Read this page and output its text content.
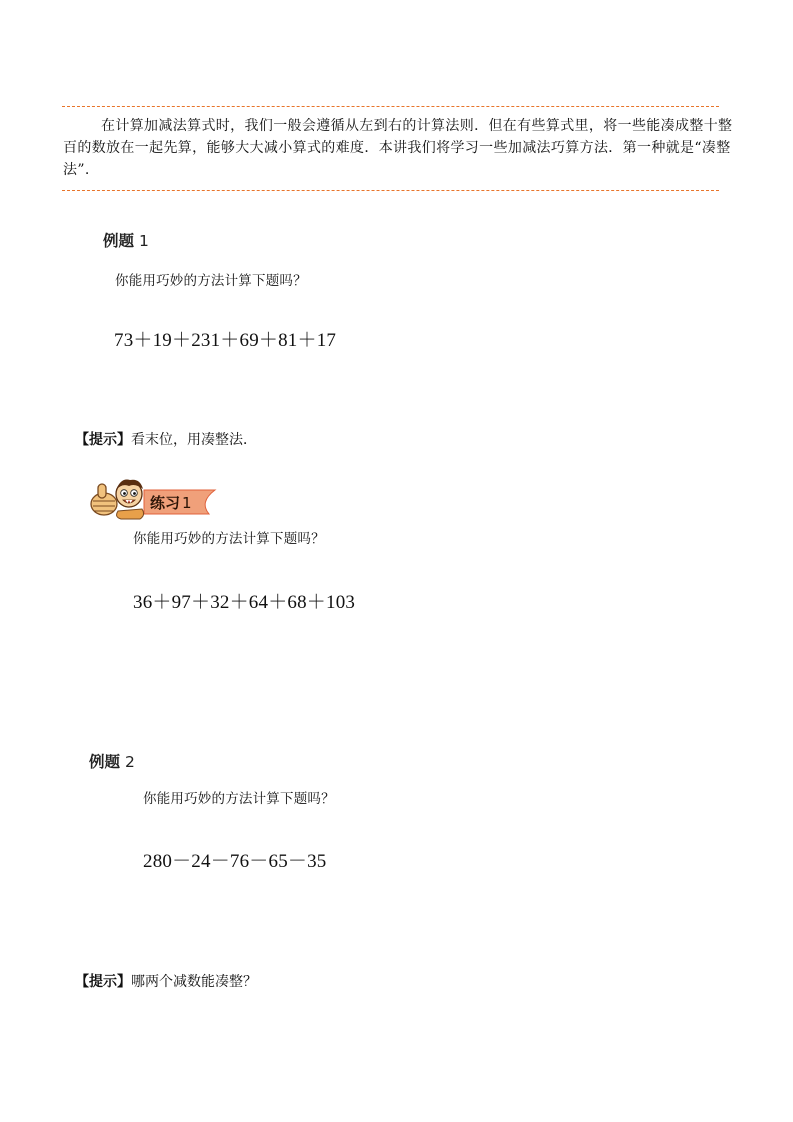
在计算加减法算式时，我们一般会遵循从左到右的计算法则．但在有些算式里，将一些能凑成整十整
百的数放在一起先算，能够大大减小算式的难度．本讲我们将学习一些加减法巧算方法．第一种就是“凑整
法”.
例题 1
你能用巧妙的方法计算下题吗？
73＋19＋231＋69＋81＋17
【提示】看末位，用凑整法．
练习 1
你能用巧妙的方法计算下题吗？
36＋97＋32＋64＋68＋103
例题 2
你能用巧妙的方法计算下题吗？
280－24－76－65－35
【提示】哪两个减数能凑整？
